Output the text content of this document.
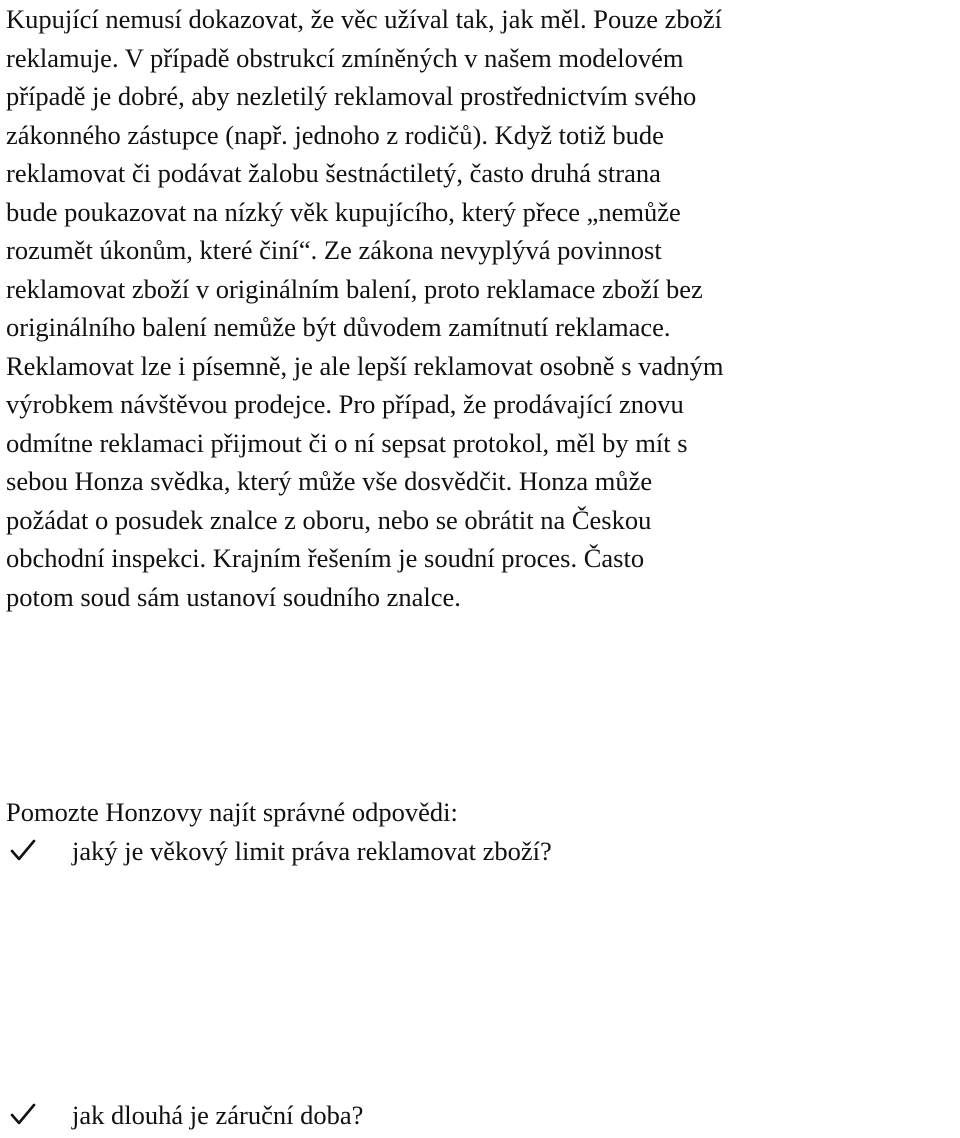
Kupující nemusí dokazovat, že věc užíval tak, jak měl. Pouze zboží
reklamuje. V případě obstrukcí zmíněných v našem modelovém
případě je dobré, aby nezletilý reklamoval prostřednictvím svého
zákonného zástupce (např. jednoho z rodičů). Když totiž bude
reklamovat či podávat žalobu šestnáctiletý, často druhá strana
bude poukazovat na nízký věk kupujícího, který přece „nemůže
rozumět úkonům, které činí“. Ze zákona nevyplývá povinnost
reklamovat zboží v originálním balení, proto reklamace zboží bez
originálního balení nemůže být důvodem zamítnutí reklamace.
Reklamovat lze i písemně, je ale lepší reklamovat osobně s vadným
výrobkem návštěvou prodejce. Pro případ, že prodávající znovu
odmítne reklamaci přijmout či o ní sepsat protokol, měl by mít s
sebou Honza svědka, který může vše dosvědčit. Honza může
požádat o posudek znalce z oboru, nebo se obrátit na Českou
obchodní inspekci. Krajním řešením je soudní proces. Často
potom soud sám ustanoví soudního znalce.

Pomozte Honzovy najít správné odpovědi:

jaký je věkový limit práva reklamovat zboží?
jak dlouhá je záruční doba?
